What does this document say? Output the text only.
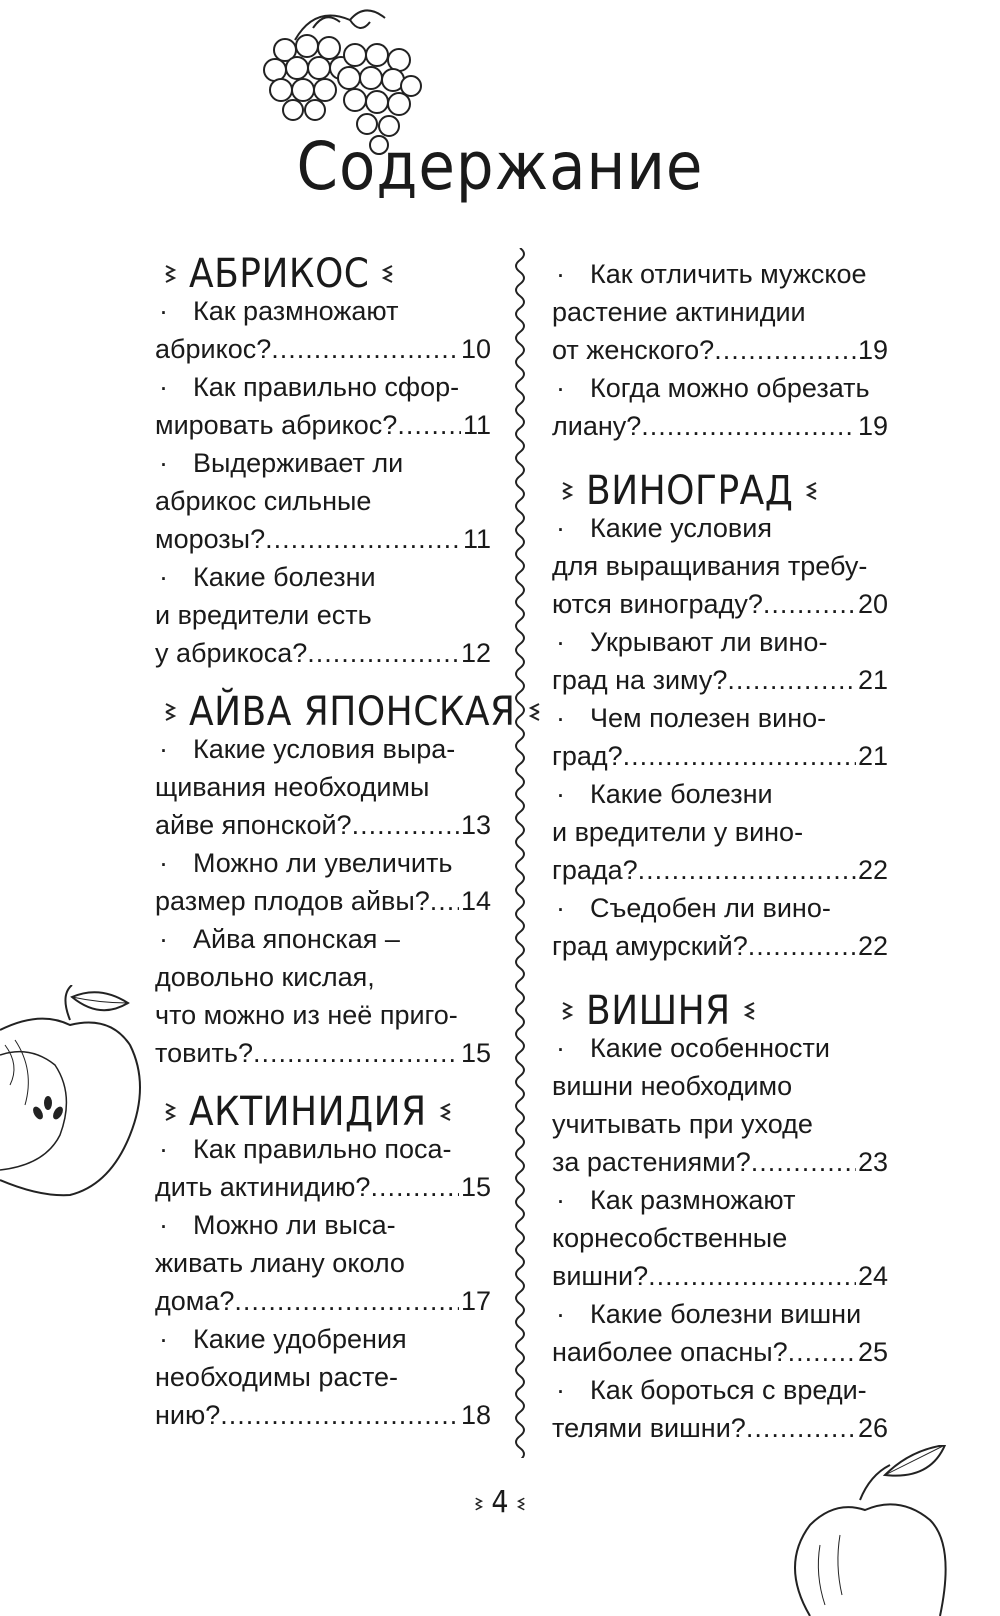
Содержание
АБРИКОС
· Как размножают
абрикос? .....	10
· Как правильно сфор-
мировать абрикос? ..... 11
· Выдерживает ли
абрикос сильные
морозы? .....	11
· Какие болезни
и вредители есть
у абрикоса? .....	12
АЙВА ЯПОНСКАЯ
· Какие условия выра-
щивания необходимы
айве японской? .....	13
· Можно ли увеличить
размер плодов айвы? ..... 14
· Айва японская –
довольно кислая,
что можно из неё приго-
товить? .....	15
АКТИНИДИЯ
· Как правильно поса-
дить актинидию? .....	15
· Можно ли выса-
живать лиану около
дома? .....	17
· Какие удобрения
необходимы расте-
нию? .....	18
· Как отличить мужское
растение актинидии
от женского? .....	19
· Когда можно обрезать
лиану? .....	19
ВИНОГРАД
· Какие условия
для выращивания требу-
ются винограду? .....	20
· Укрывают ли вино-
град на зиму? .....	21
· Чем полезен вино-
град? .....	21
· Какие болезни
и вредители у вино-
града? .....	22
· Съедобен ли вино-
град амурский? .....	22
ВИШНЯ
· Какие особенности
вишни необходимо
учитывать при уходе
за растениями? .....	23
· Как размножают
корнесобственные
вишни? .....	24
· Какие болезни вишни
наиболее опасны? .....	25
· Как бороться с вреди-
телями вишни? .....	26
4
